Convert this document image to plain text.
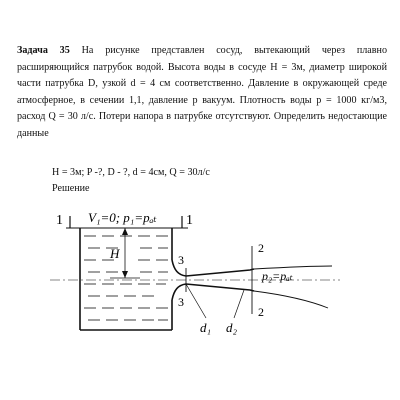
Задача 35 На рисунке представлен сосуд, вытекающий через плавно расширяющийся патрубок водой. Высота воды в сосуде H = 3м, диаметр широкой части патрубка D, узкой d = 4 см соответственно. Давление в окружающей среде атмосферное, в сечении 1,1, давление р вакуум. Плотность воды р = 1000 кг/м3, расход Q = 30 л/с. Потери напора в патрубке отсутствуют. Определить недостающие данные

H = 3м; P -?, D - ?, d = 4см, Q = 30л/с

Решение

1	1
V₁=0; p₁=pₐₜ
H	3
3
2
2
p₂=pₐₜ
d₁ d₂
